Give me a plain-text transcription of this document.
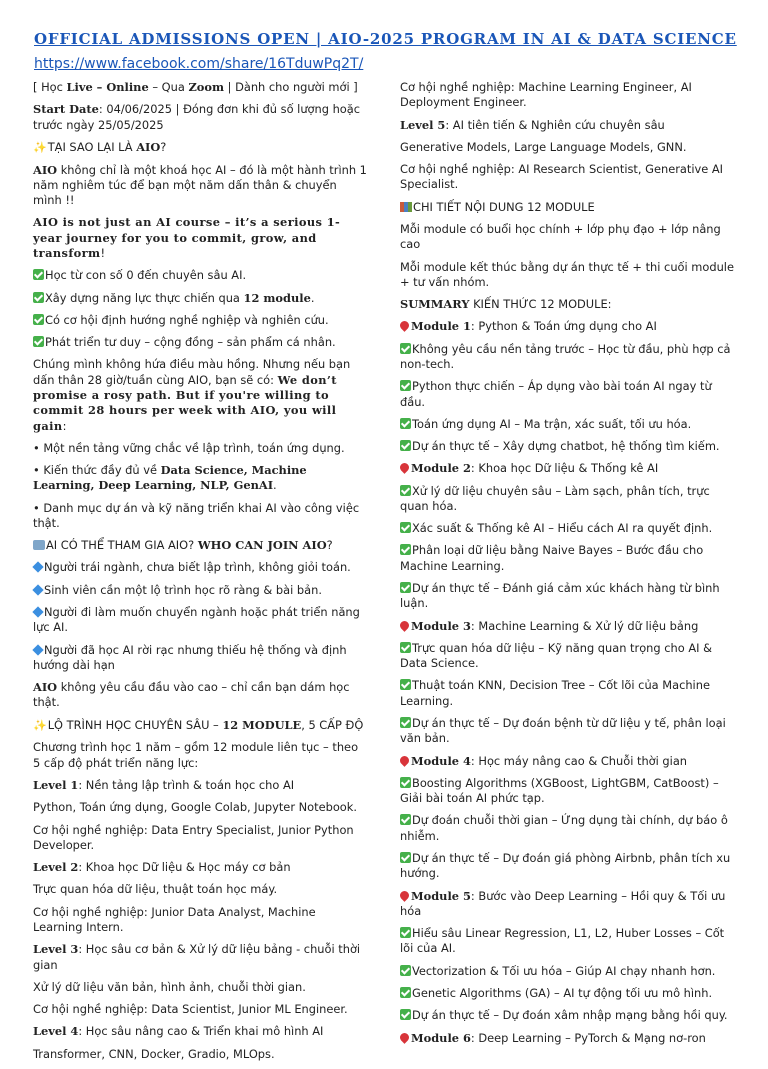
OFFICIAL ADMISSIONS OPEN | AIO-2025 PROGRAM IN AI & DATA SCIENCE
https://www.facebook.com/share/16TduwPq2T/

[ Học Live – Online – Qua Zoom | Dành cho người mới ]

Start Date: 04/06/2025 | Đóng đơn khi đủ số lượng hoặc trước ngày 25/05/2025

✨TẠI SAO LẠI LÀ AIO?

AIO không chỉ là một khoá học AI – đó là một hành trình 1 năm nghiêm túc để bạn một năm dấn thân & chuyển mình !!

AIO is not just an AI course – it’s a serious 1-year journey for you to commit, grow, and transform!

Học từ con số 0 đến chuyên sâu AI.

Xây dựng năng lực thực chiến qua 12 module.

Có cơ hội định hướng nghề nghiệp và nghiên cứu.

Phát triển tư duy – cộng đồng – sản phẩm cá nhân.

Chúng mình không hứa điều màu hồng. Nhưng nếu bạn dấn thân 28 giờ/tuần cùng AIO, bạn sẽ có: We don’t promise a rosy path. But if you're willing to commit 28 hours per week with AIO, you will gain:

• Một nền tảng vững chắc về lập trình, toán ứng dụng.

• Kiến thức đầy đủ về Data Science, Machine Learning, Deep Learning, NLP, GenAI.

• Danh mục dự án và kỹ năng triển khai AI vào công việc thật.

AI CÓ THỂ THAM GIA AIO? WHO CAN JOIN AIO?

Người trái ngành, chưa biết lập trình, không giỏi toán.

Sinh viên cần một lộ trình học rõ ràng & bài bản.

Người đi làm muốn chuyển ngành hoặc phát triển năng lực AI.

Người đã học AI rời rạc nhưng thiếu hệ thống và định hướng dài hạn

AIO không yêu cầu đầu vào cao – chỉ cần bạn dám học thật.

✨LỘ TRÌNH HỌC CHUYÊN SÂU – 12 MODULE, 5 CẤP ĐỘ

Chương trình học 1 năm – gồm 12 module liên tục – theo 5 cấp độ phát triển năng lực:

Level 1: Nền tảng lập trình & toán học cho AI

Python, Toán ứng dụng, Google Colab, Jupyter Notebook.

Cơ hội nghề nghiệp: Data Entry Specialist, Junior Python Developer.

Level 2: Khoa học Dữ liệu & Học máy cơ bản

Trực quan hóa dữ liệu, thuật toán học máy.

Cơ hội nghề nghiệp: Junior Data Analyst, Machine Learning Intern.

Level 3: Học sâu cơ bản & Xử lý dữ liệu bảng - chuỗi thời gian

Xử lý dữ liệu văn bản, hình ảnh, chuỗi thời gian.

Cơ hội nghề nghiệp: Data Scientist, Junior ML Engineer.

Level 4: Học sâu nâng cao & Triển khai mô hình AI

Transformer, CNN, Docker, Gradio, MLOps.

Cơ hội nghề nghiệp: Machine Learning Engineer, AI Deployment Engineer.

Level 5: AI tiên tiến & Nghiên cứu chuyên sâu

Generative Models, Large Language Models, GNN.

Cơ hội nghề nghiệp: AI Research Scientist, Generative AI Specialist.

CHI TIẾT NỘI DUNG 12 MODULE

Mỗi module có buổi học chính + lớp phụ đạo + lớp nâng cao

Mỗi module kết thúc bằng dự án thực tế + thi cuối module + tư vấn nhóm.

SUMMARY KIẾN THỨC 12 MODULE:

Module 1: Python & Toán ứng dụng cho AI

Không yêu cầu nền tảng trước – Học từ đầu, phù hợp cả non-tech.

Python thực chiến – Áp dụng vào bài toán AI ngay từ đầu.

Toán ứng dụng AI – Ma trận, xác suất, tối ưu hóa.

Dự án thực tế – Xây dựng chatbot, hệ thống tìm kiếm.

Module 2: Khoa học Dữ liệu & Thống kê AI

Xử lý dữ liệu chuyên sâu – Làm sạch, phân tích, trực quan hóa.

Xác suất & Thống kê AI – Hiểu cách AI ra quyết định.

Phân loại dữ liệu bằng Naive Bayes – Bước đầu cho Machine Learning.

Dự án thực tế – Đánh giá cảm xúc khách hàng từ bình luận.

Module 3: Machine Learning & Xử lý dữ liệu bảng

Trực quan hóa dữ liệu – Kỹ năng quan trọng cho AI & Data Science.

Thuật toán KNN, Decision Tree – Cốt lõi của Machine Learning.

Dự án thực tế – Dự đoán bệnh từ dữ liệu y tế, phân loại văn bản.

Module 4: Học máy nâng cao & Chuỗi thời gian

Boosting Algorithms (XGBoost, LightGBM, CatBoost) – Giải bài toán AI phức tạp.

Dự đoán chuỗi thời gian – Ứng dụng tài chính, dự báo ô nhiễm.

Dự án thực tế – Dự đoán giá phòng Airbnb, phân tích xu hướng.

Module 5: Bước vào Deep Learning – Hồi quy & Tối ưu hóa

Hiểu sâu Linear Regression, L1, L2, Huber Losses – Cốt lõi của AI.

Vectorization & Tối ưu hóa – Giúp AI chạy nhanh hơn.

Genetic Algorithms (GA) – AI tự động tối ưu mô hình.

Dự án thực tế – Dự đoán xâm nhập mạng bằng hồi quy.

Module 6: Deep Learning – PyTorch & Mạng nơ-ron
